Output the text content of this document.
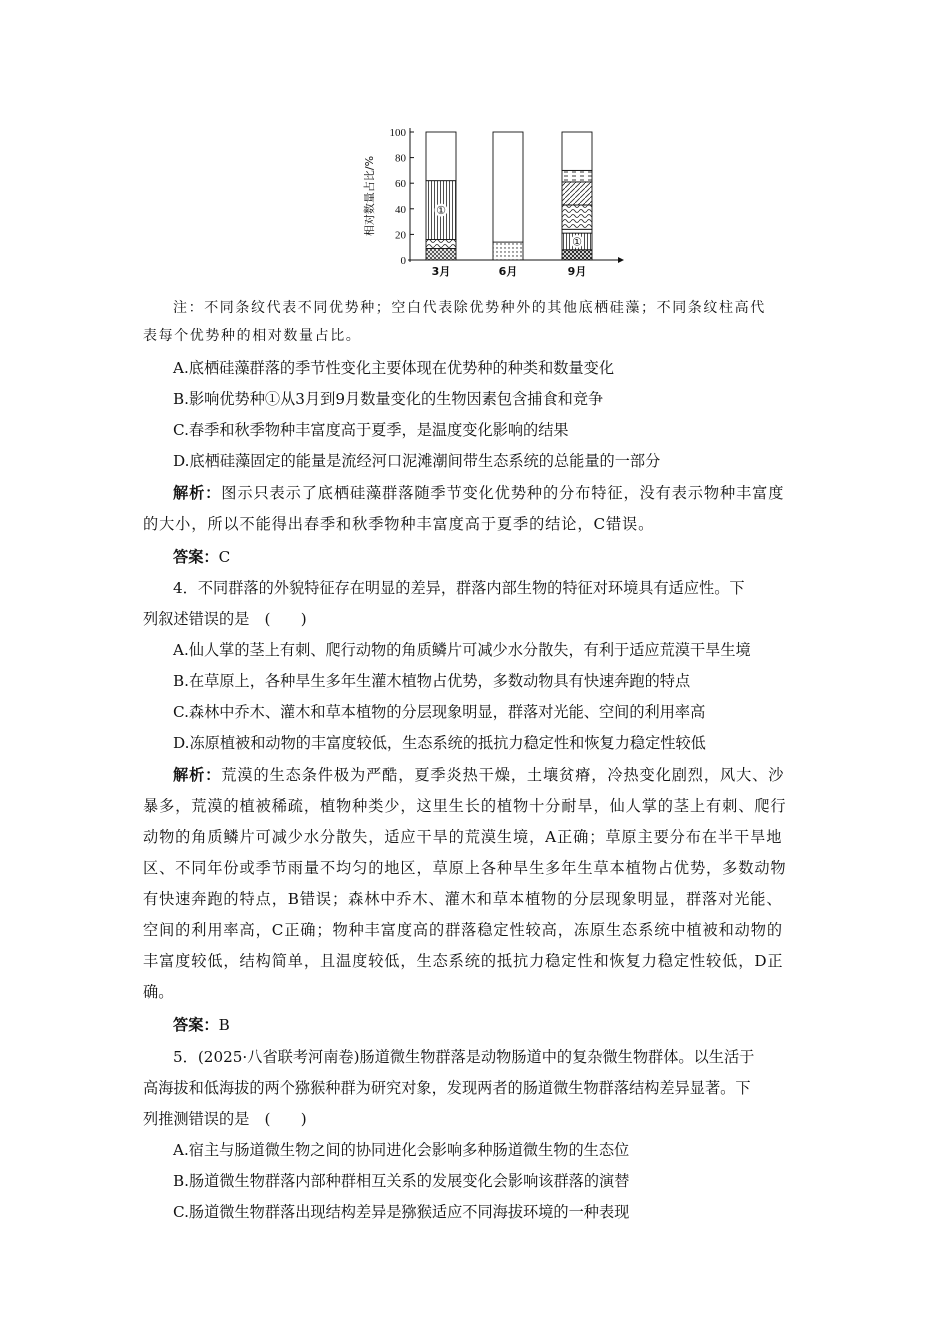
0
20
40
60
80
100
相对数量占比/%	①
3月	6月
①
9月
注：不同条纹代表不同优势种；空白代表除优势种外的其他底栖硅藻；不同条纹柱高代
表每个优势种的相对数量占比。
A.底栖硅藻群落的季节性变化主要体现在优势种的种类和数量变化
B.影响优势种①从3月到9月数量变化的生物因素包含捕食和竞争
C.春季和秋季物种丰富度高于夏季，是温度变化影响的结果
D.底栖硅藻固定的能量是流经河口泥滩潮间带生态系统的总能量的一部分
解析：图示只表示了底栖硅藻群落随季节变化优势种的分布特征，没有表示物种丰富度
的大小，所以不能得出春季和秋季物种丰富度高于夏季的结论，C错误。
答案：C
4．不同群落的外貌特征存在明显的差异，群落内部生物的特征对环境具有适应性。下
列叙述错误的是　(　　)
A.仙人掌的茎上有刺、爬行动物的角质鳞片可减少水分散失，有利于适应荒漠干旱生境
B.在草原上，各种旱生多年生灌木植物占优势，多数动物具有快速奔跑的特点
C.森林中乔木、灌木和草本植物的分层现象明显，群落对光能、空间的利用率高
D.冻原植被和动物的丰富度较低，生态系统的抵抗力稳定性和恢复力稳定性较低
解析：荒漠的生态条件极为严酷，夏季炎热干燥，土壤贫瘠，冷热变化剧烈，风大、沙
暴多，荒漠的植被稀疏，植物种类少，这里生长的植物十分耐旱，仙人掌的茎上有刺、爬行
动物的角质鳞片可减少水分散失，适应干旱的荒漠生境，A正确；草原主要分布在半干旱地
区、不同年份或季节雨量不均匀的地区，草原上各种旱生多年生草本植物占优势，多数动物
有快速奔跑的特点，B错误；森林中乔木、灌木和草本植物的分层现象明显，群落对光能、
空间的利用率高，C正确；物种丰富度高的群落稳定性较高，冻原生态系统中植被和动物的
丰富度较低，结构简单，且温度较低，生态系统的抵抗力稳定性和恢复力稳定性较低，D正
确。
答案：B
5．(2025·八省联考河南卷)肠道微生物群落是动物肠道中的复杂微生物群体。以生活于
高海拔和低海拔的两个猕猴种群为研究对象，发现两者的肠道微生物群落结构差异显著。下
列推测错误的是　(　　)
A.宿主与肠道微生物之间的协同进化会影响多种肠道微生物的生态位
B.肠道微生物群落内部种群相互关系的发展变化会影响该群落的演替
C.肠道微生物群落出现结构差异是猕猴适应不同海拔环境的一种表现
